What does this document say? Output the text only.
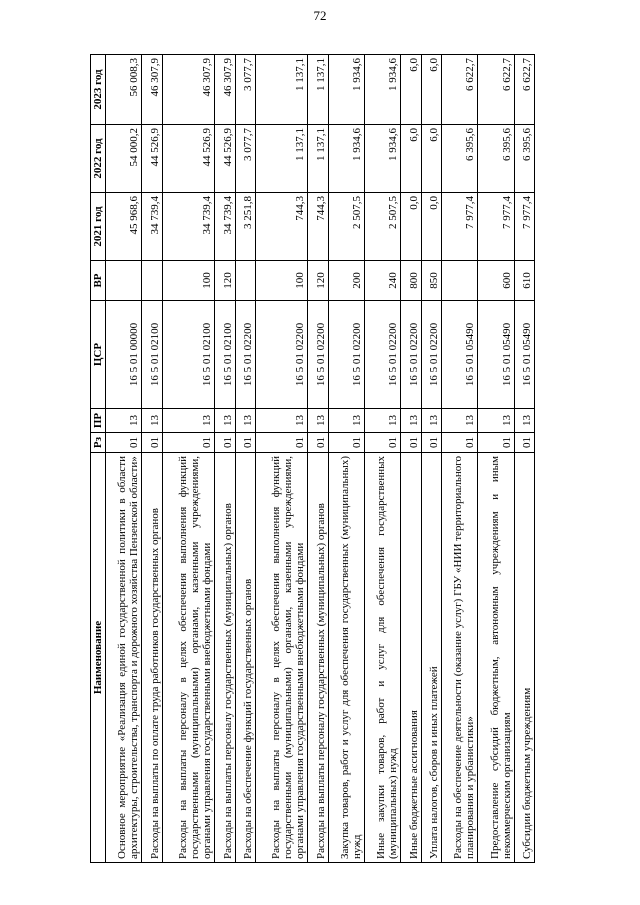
72
Наименование	Рз	ПР	ЦСР	ВР	2021 год	2022 год	2023 год
Основное мероприятие «Реализация единой государственной политики в области архитектуры, строительства, транспорта и дорожного хозяйства Пензенской области»	01	13	16 5 01 00000		45 968,6	54 000,2	56 008,3
Расходы на выплаты по оплате труда работников государственных органов	01	13	16 5 01 02100		34 739,4	44 526,9	46 307,9
Расходы на выплаты персоналу в целях обеспечения выполнения функций государственными (муниципальными) органами, казенными учреждениями, органами управления государственными внебюджетными фондами	01	13	16 5 01 02100	100	34 739,4	44 526,9	46 307,9
Расходы на выплаты персоналу государственных (муниципальных) органов	01	13	16 5 01 02100	120	34 739,4	44 526,9	46 307,9
Расходы на обеспечение функций государственных органов	01	13	16 5 01 02200		3 251,8	3 077,7	3 077,7
Расходы на выплаты персоналу в целях обеспечения выполнения функций государственными (муниципальными) органами, казенными учреждениями, органами управления государственными внебюджетными фондами	01	13	16 5 01 02200	100	744,3	1 137,1	1 137,1
Расходы на выплаты персоналу государственных (муниципальных) органов	01	13	16 5 01 02200	120	744,3	1 137,1	1 137,1
Закупка товаров, работ и услуг для обеспечения государственных (муниципальных) нужд	01	13	16 5 01 02200	200	2 507,5	1 934,6	1 934,6
Иные закупки товаров, работ и услуг для обеспечения государственных (муниципальных) нужд	01	13	16 5 01 02200	240	2 507,5	1 934,6	1 934,6
Иные бюджетные ассигнования	01	13	16 5 01 02200	800	0,0	6,0	6,0
Уплата налогов, сборов и иных платежей	01	13	16 5 01 02200	850	0,0	6,0	6,0
Расходы на обеспечение деятельности (оказание услуг) ГБУ «НИИ территориального планирования и урбанистики»	01	13	16 5 01 05490		7 977,4	6 395,6	6 622,7
Предоставление субсидий бюджетным, автономным учреждениям и иным некоммерческим организациям	01	13	16 5 01 05490	600	7 977,4	6 395,6	6 622,7
Субсидии бюджетным учреждениям	01	13	16 5 01 05490	610	7 977,4	6 395,6	6 622,7
